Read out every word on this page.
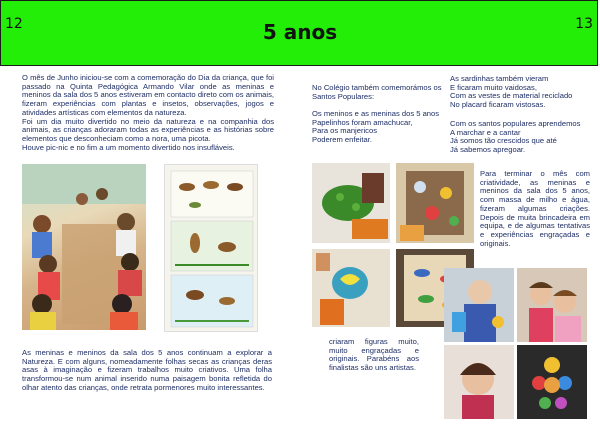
12	13
5 anos
O mês de Junho iniciou-se com a comemoração do Dia da criança, que foi passado na Quinta Pedagógica Armando Vilar onde as meninas e meninos da sala dos 5 anos estiveram em contacto direto com os animais, fizeram experiências com plantas e insetos, observações, jogos e atividades artísticas com elementos da natureza.
Foi um dia muito divertido no meio da natureza e na companhia dos animais, as crianças adoraram todas as experiências e as histórias sobre elementos que desconheciam como a nora, uma picota.
Houve pic-nic e no fim a um momento divertido nos insufláveis.
As meninas e meninos da sala dos 5 anos continuam a explorar a Natureza. E com alguns, nomeadamente folhas secas as crianças deras asas à imaginação e fizeram trabalhos muito criativos. Uma folha transformou-se num animal inserido numa paisagem bonita refletida do olhar atento das crianças, onde retrata pormenores muito interessantes.
No Colégio também comemorámos os Santos Populares:
Os meninos e as meninas dos 5 anos
Papelinhos foram amachucar,
Para os manjericos
Poderem enfeitar.
As sardinhas também vieram
E ficaram muito vaidosas,
Com as vestes de material reciclado
No placard ficaram vistosas.
Com os santos populares aprendemos
A marchar e a cantar
Já somos tão crescidos que até
Já sabemos apregoar.
Para terminar o mês com criatividade, as meninas e meninos da sala dos 5 anos, com massa de milho e água, fizeram algumas criações. Depois de muita brincadeira em equipa, e de algumas tentativas e experiências engraçadas e originais.
criaram figuras muito, muito engraçadas e originais. Parabéns aos finalistas são uns artistas.
